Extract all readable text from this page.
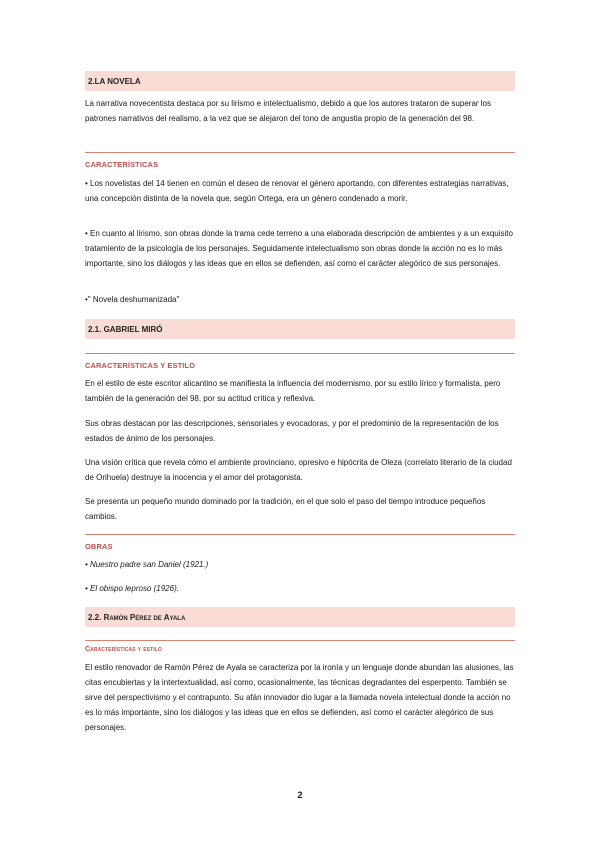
2.LA NOVELA
La narrativa novecentista destaca por su lirismo e intelectualismo, debido a que los autores trataron de superar los patrones narrativos del realismo, a la vez que se alejaron del tono de angustia propio de la generación del 98.
CARACTERÍSTICAS
• Los novelistas del 14 tienen en común el deseo de renovar el género aportando, con diferentes estrategias narrativas, una concepción distinta de la novela que, según Ortega, era un género condenado a morir.
• En cuanto al lirismo, son obras donde la trama cede terreno a una elaborada descripción de ambientes y a un exquisito tratamiento de la psicología de los personajes. Seguidamente intelectualismo son obras donde la acción no es lo más importante, sino los diálogos y las ideas que en ellos se defienden, así como el carácter alegórico de sus personajes.
•" Novela deshumanizada"
2.1. GABRIEL MIRÓ
CARACTERÍSTICAS Y ESTILO
En el estilo de este escritor alicantino se manifiesta la influencia del modernismo, por su estilo lírico y formalista, pero también de la generación del 98, por su actitud crítica y reflexiva.
Sus obras destacan por las descripciones, sensoriales y evocadoras, y por el predominio de la representación de los estados de ánimo de los personajes.
Una visión crítica que revela cómo el ambiente provinciano, opresivo e hipócrita de Oleza (correlato literario de la ciudad de Orihuela) destruye la inocencia y el amor del protagonista.
Se presenta un pequeño mundo dominado por la tradición, en el que solo el paso del tiempo introduce pequeños cambios.
OBRAS
• Nuestro padre san Daniel (1921.)
• El obispo leproso (1926).
2.2. Ramón Pérez de Ayala
Características y estilo
El estilo renovador de Ramón Pérez de Ayala se caracteriza por la ironía y un lenguaje donde abundan las alusiones, las citas encubiertas y la intertextualidad, así como, ocasionalmente, las técnicas degradantes del esperpento. También se sirve del perspectivismo y el contrapunto. Su afán innovador dio lugar a la llamada novela intelectual donde la acción no es lo más importante, sino los diálogos y las ideas que en ellos se defienden, así como el carácter alegórico de sus personajes.
2
